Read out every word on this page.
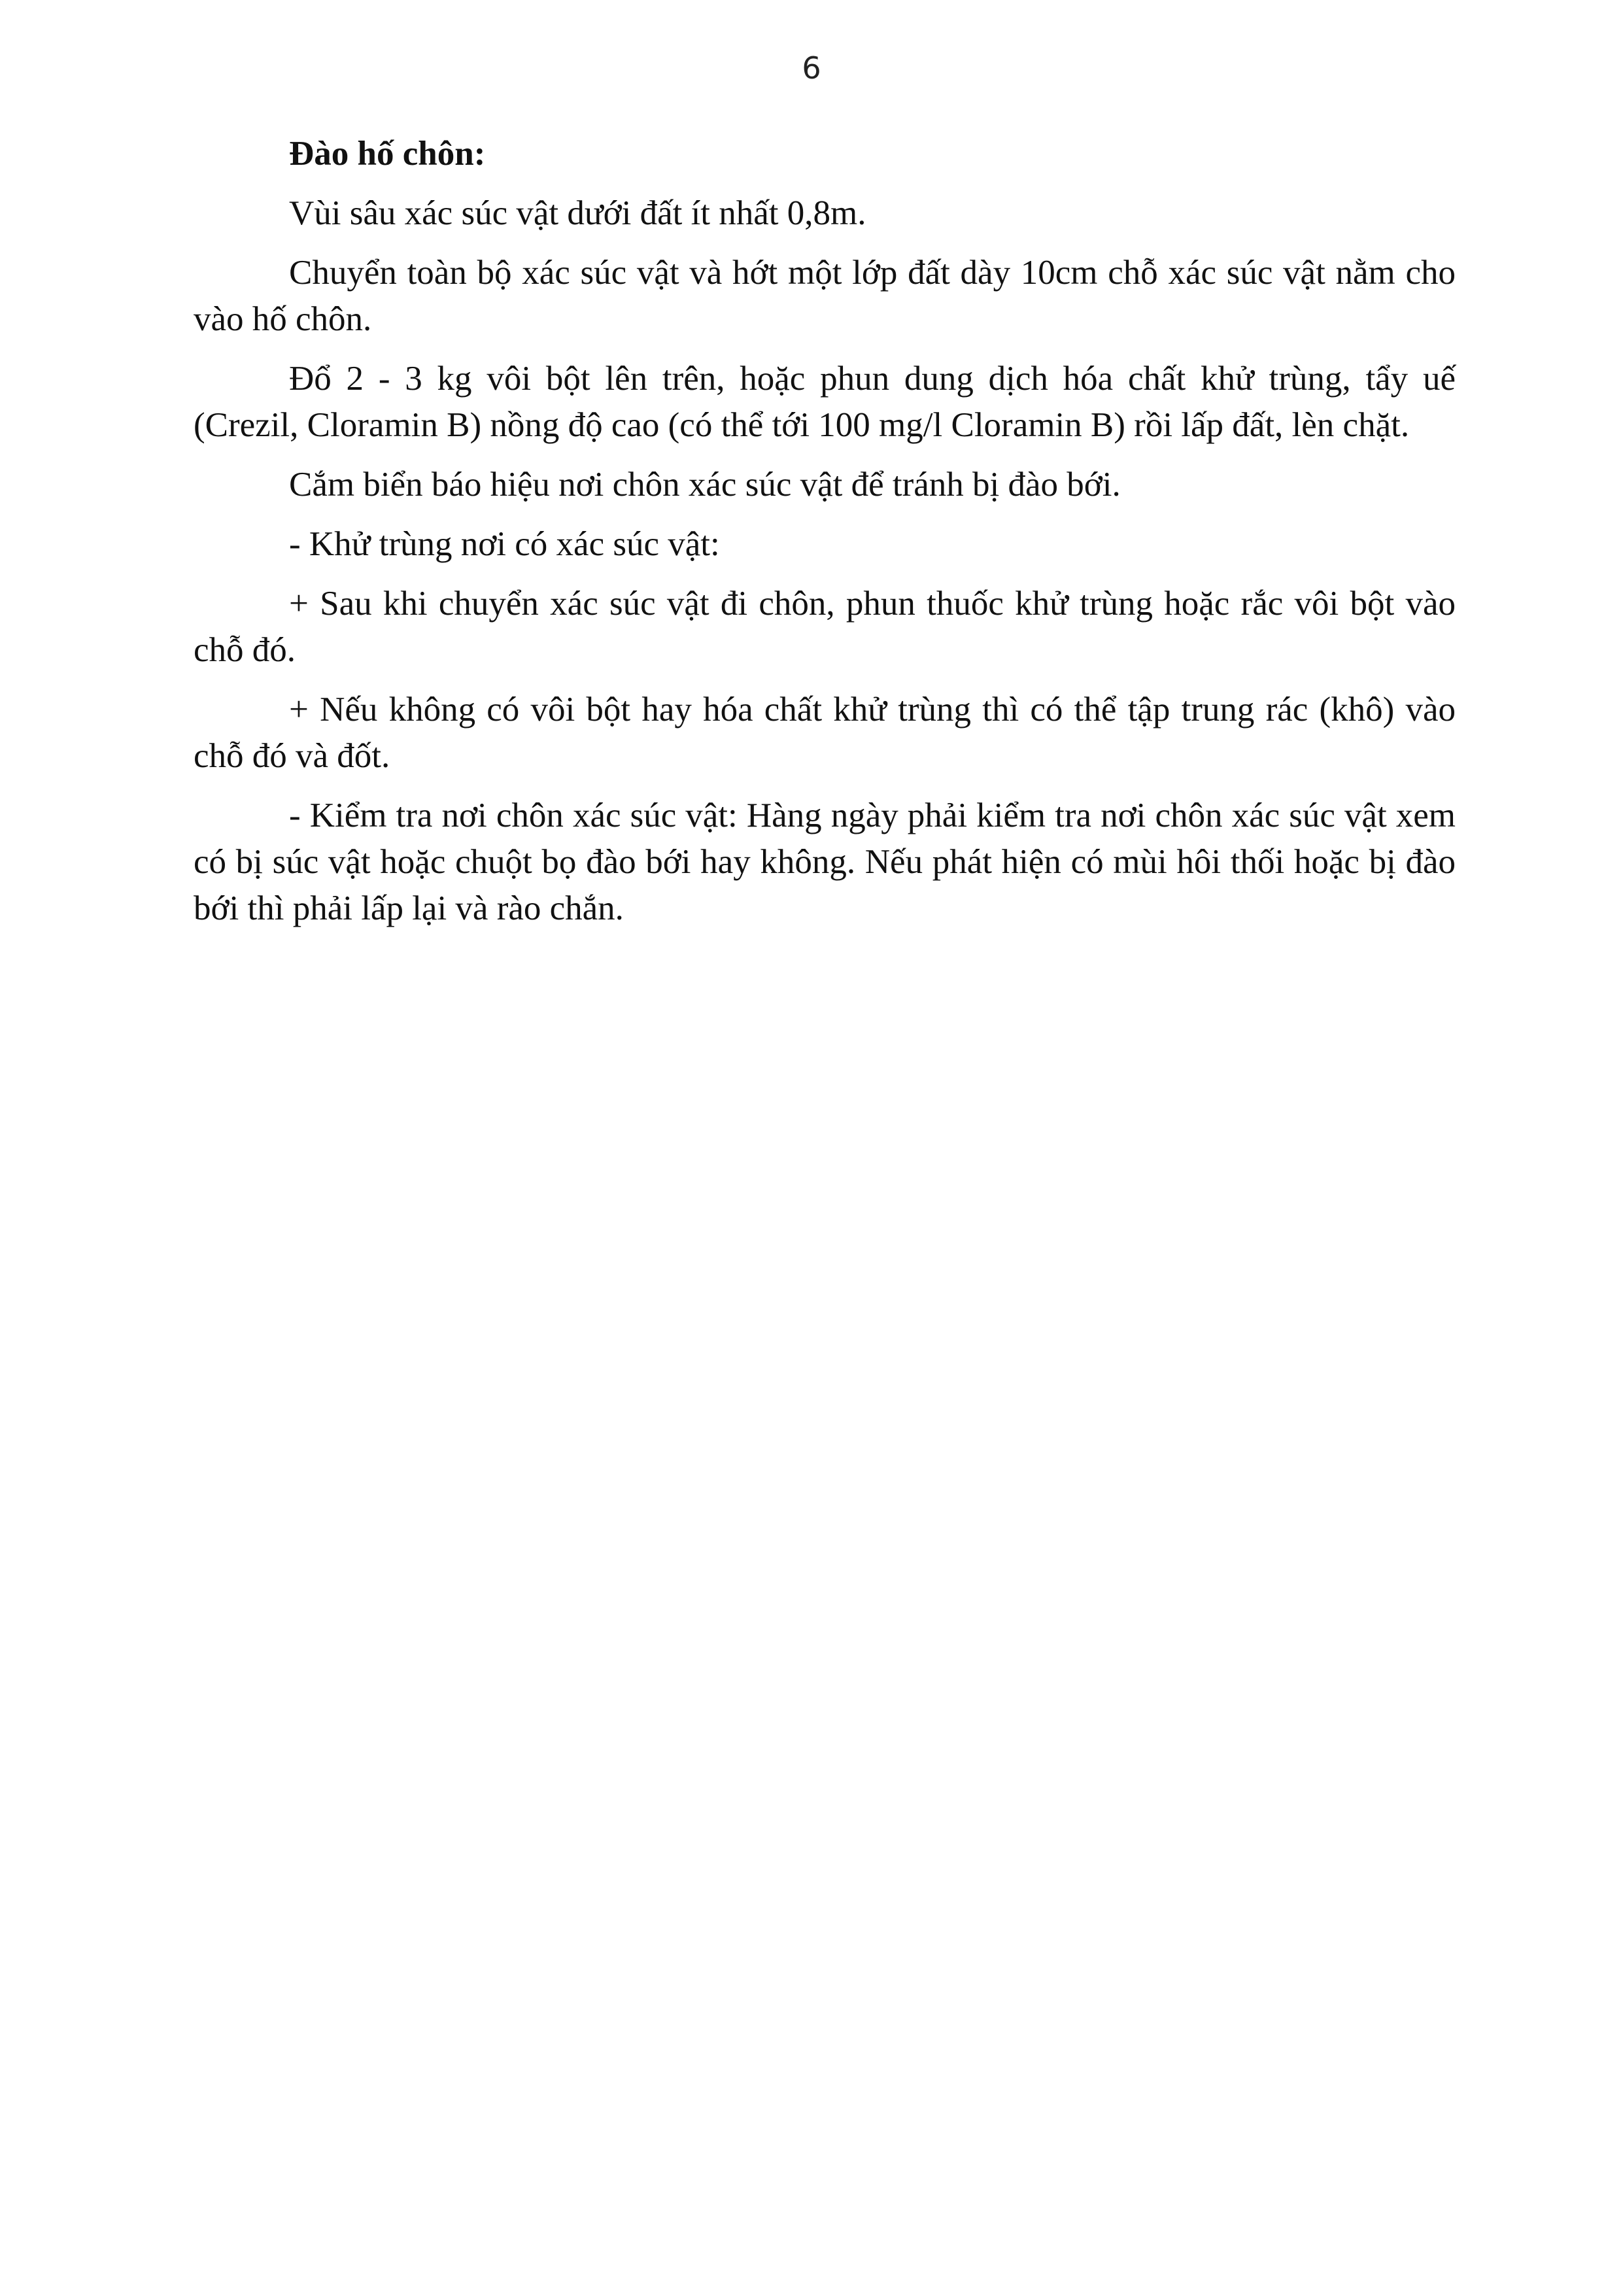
6

Đào hố chôn:

Vùi sâu xác súc vật dưới đất ít nhất 0,8m.

Chuyển toàn bộ xác súc vật và hớt một lớp đất dày 10cm chỗ xác súc vật nằm cho vào hố chôn.

Đổ 2 - 3 kg vôi bột lên trên, hoặc phun dung dịch hóa chất khử trùng, tẩy uế (Crezil, Cloramin B) nồng độ cao (có thể tới 100 mg/l Cloramin B) rồi lấp đất, lèn chặt.

Cắm biển báo hiệu nơi chôn xác súc vật để tránh bị đào bới.

- Khử trùng nơi có xác súc vật:

+ Sau khi chuyển xác súc vật đi chôn, phun thuốc khử trùng hoặc rắc vôi bột vào chỗ đó.

+ Nếu không có vôi bột hay hóa chất khử trùng thì có thể tập trung rác (khô) vào chỗ đó và đốt.

- Kiểm tra nơi chôn xác súc vật: Hàng ngày phải kiểm tra nơi chôn xác súc vật xem có bị súc vật hoặc chuột bọ đào bới hay không. Nếu phát hiện có mùi hôi thối hoặc bị đào bới thì phải lấp lại và rào chắn.
